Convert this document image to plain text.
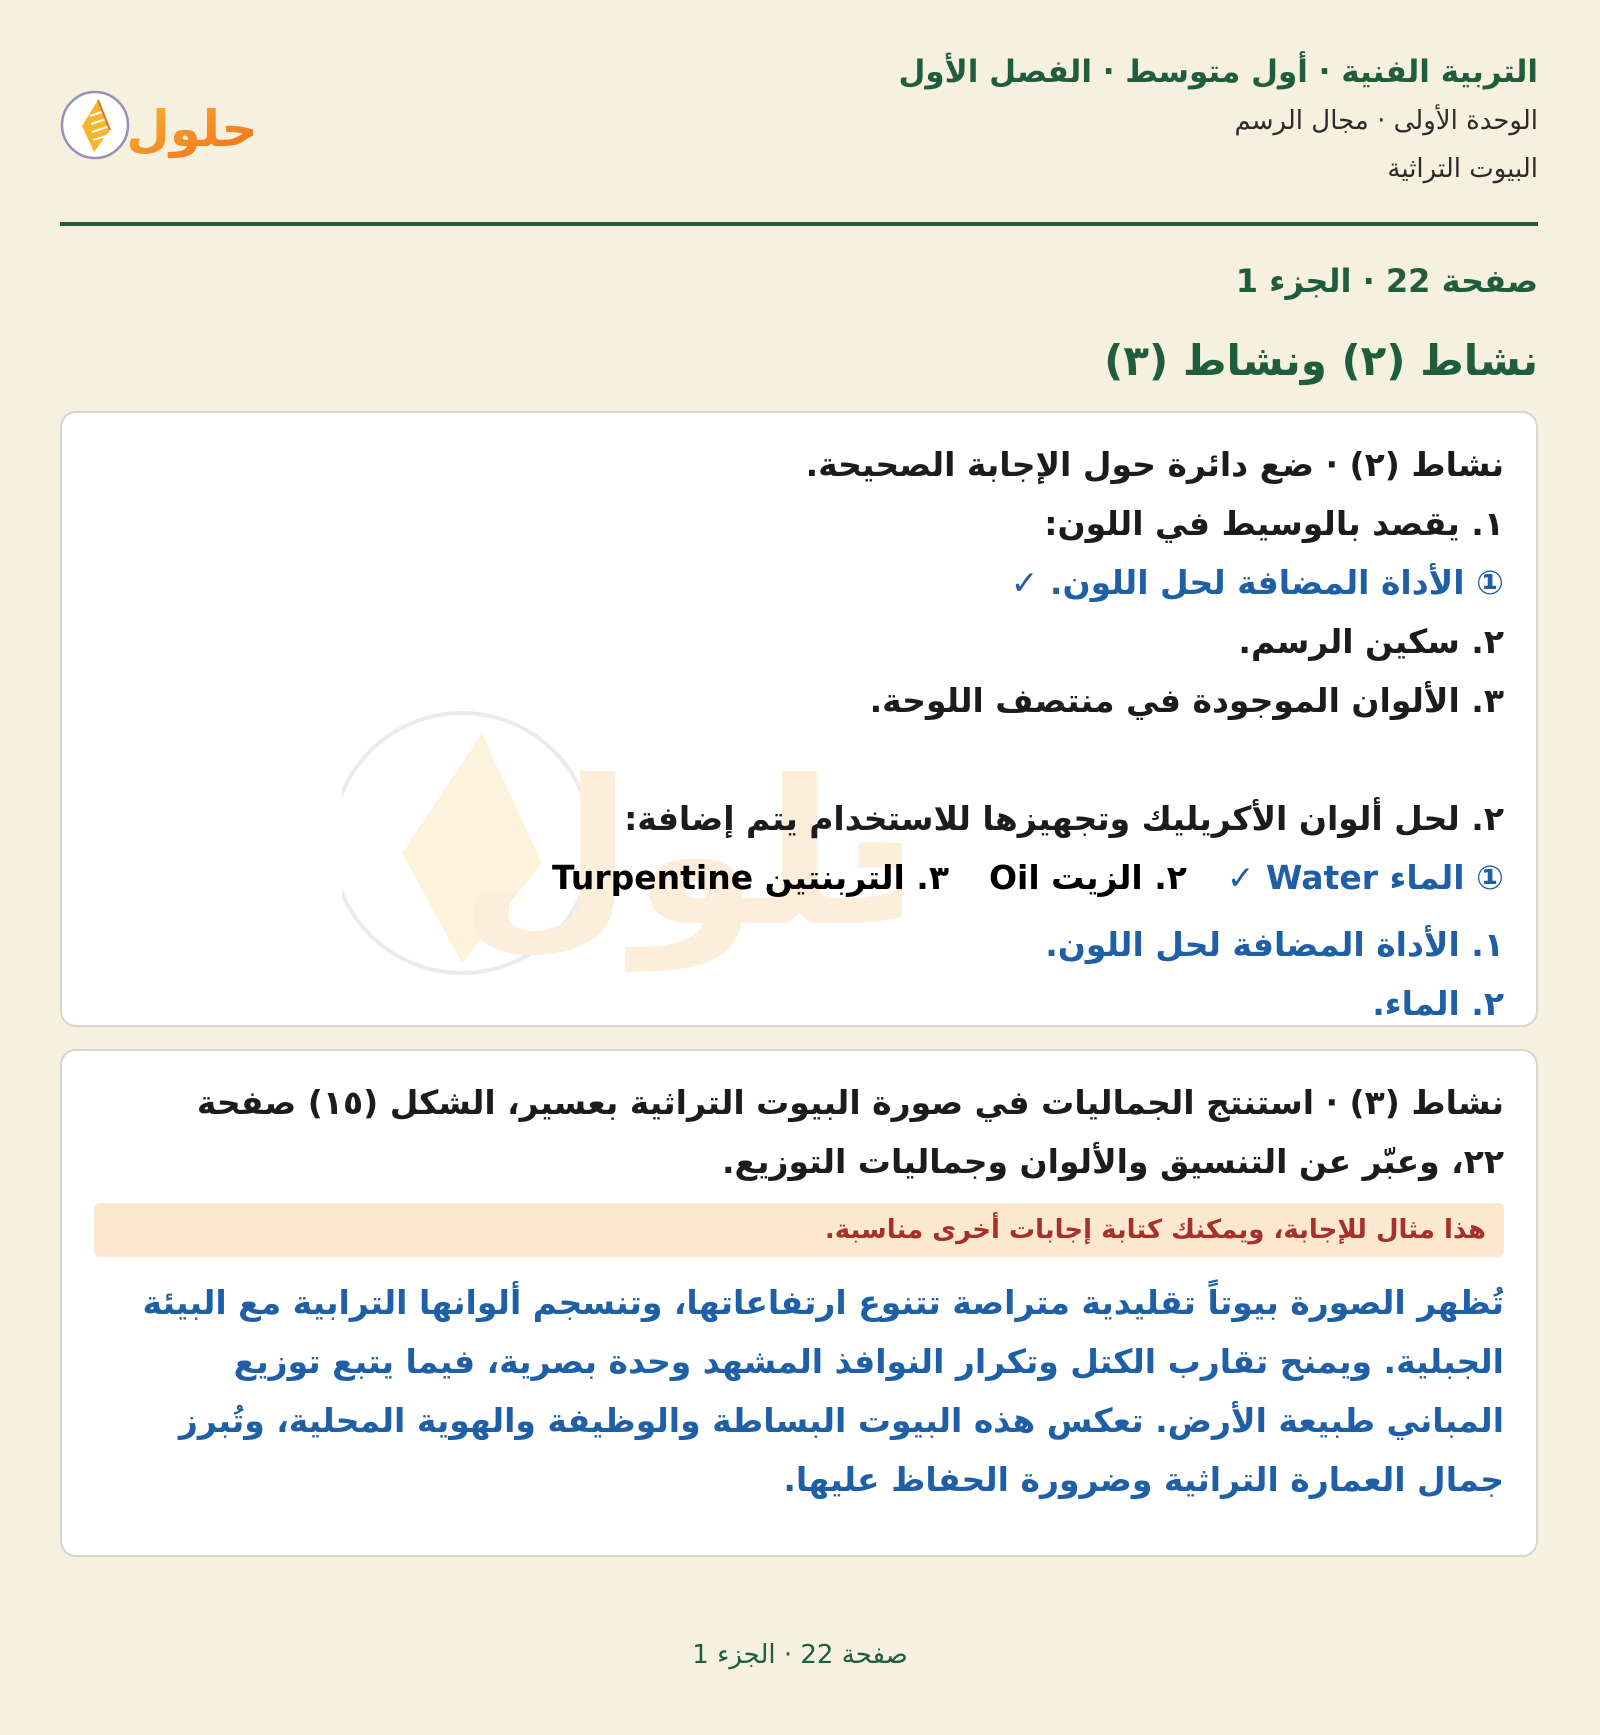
التربية الفنية · أول متوسط · الفصل الأول

الوحدة الأولى · مجال الرسم

البيوت التراثية

حلول
صفحة 22 · الجزء 1
نشاط (٢) ونشاط (٣)
لول
نشاط (٢) · ضع دائرة حول الإجابة الصحيحة.
١. يقصد بالوسيط في اللون:
① الأداة المضافة لحل اللون. ✓
٢. سكين الرسم.
٣. الألوان الموجودة في منتصف اللوحة.
٢. لحل ألوان الأكريليك وتجهيزها للاستخدام يتم إضافة:
① الماء Water ✓
٢. الزيت Oil
٣. التربنتين Turpentine
١. الأداة المضافة لحل اللون.
٢. الماء.
نشاط (٣) · استنتج الجماليات في صورة البيوت التراثية بعسير، الشكل (١٥) صفحة
٢٢، وعبّر عن التنسيق والألوان وجماليات التوزيع.
هذا مثال للإجابة، ويمكنك كتابة إجابات أخرى مناسبة.
تُظهر الصورة بيوتاً تقليدية متراصة تتنوع ارتفاعاتها، وتنسجم ألوانها الترابية مع البيئة
الجبلية. ويمنح تقارب الكتل وتكرار النوافذ المشهد وحدة بصرية، فيما يتبع توزيع
المباني طبيعة الأرض. تعكس هذه البيوت البساطة والوظيفة والهوية المحلية، وتُبرز
جمال العمارة التراثية وضرورة الحفاظ عليها.
صفحة 22 · الجزء 1
